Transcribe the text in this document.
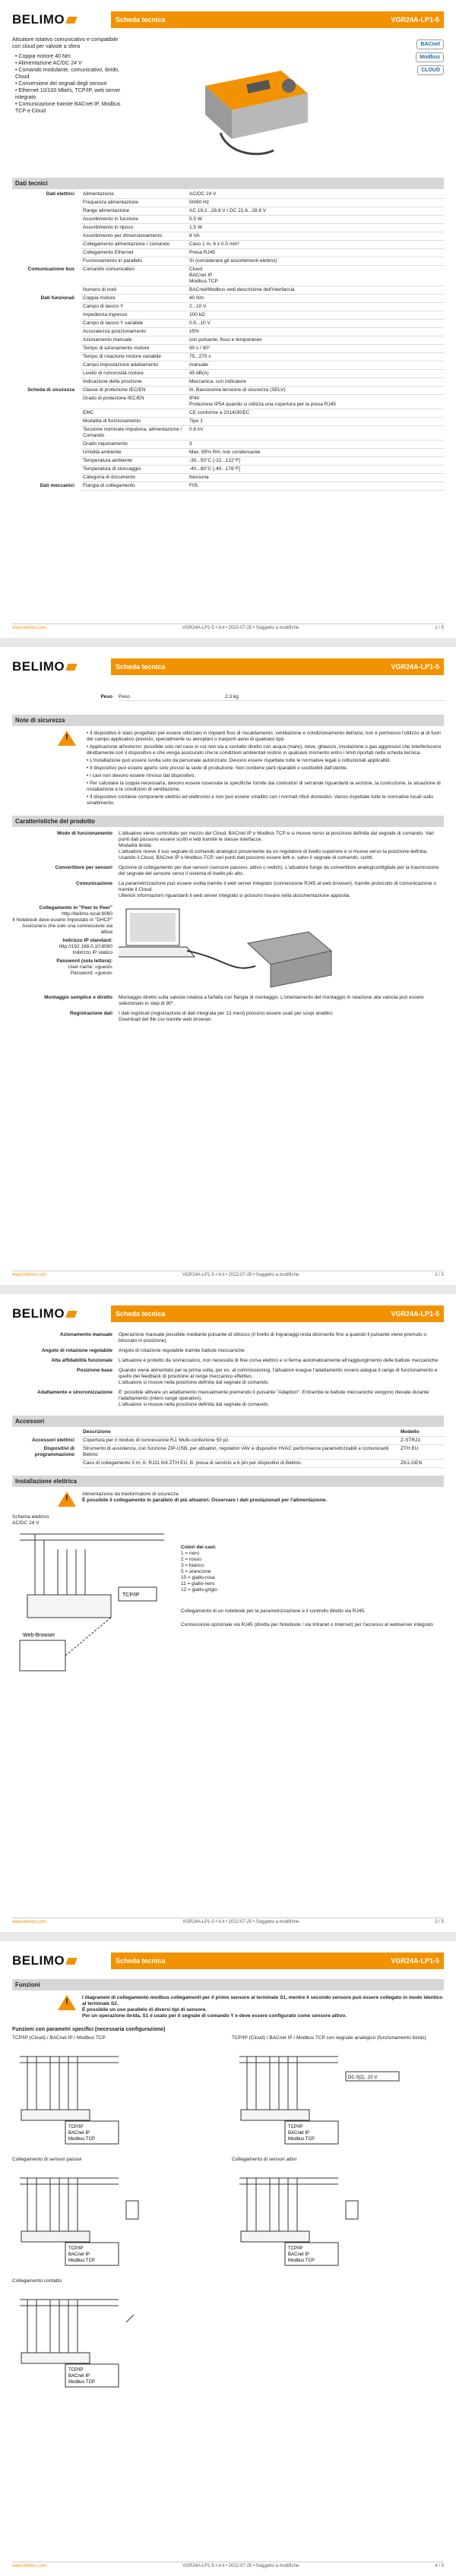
BELIMO	Scheda tecnica	VGR24A-LP1-5

Attuatore rotativo comunicativo e compatibile con cloud per valvole a sfera

• Coppia motore 40 Nm
• Alimentazione AC/DC 24 V
• Comando modulante, comunicativo, ibrido, Cloud
• Conversione dei segnali degli sensori
• Ethernet 10/100 Mbit/s, TCP/IP, web server integrato
• Comunicazione tramite BACnet IP, Modbus TCP e Cloud
BACnet
Modbus
CLOUD
Dati tecnici
Dati elettrici	Alimentazione	AC/DC 24 V
	Frequenza alimentazione	50/60 Hz
	Range alimentazione	AC 19.2...28.8 V / DC 21.6...28.8 V
	Assorbimento in funzione	5.5 W
	Assorbimento in riposo	1.5 W
	Assorbimento per dimensionamento	8 VA
	Collegamento alimentazione / comando	Cavo 1 m, 6 x 0.5 mm²
	Collegamento Ethernet	Presa RJ45
	Funzionamento in parallelo	Sì (considerare gli assorbimenti elettrici)
Comunicazione bus	Comando comunicativo	Cloud
BACnet IP
Modbus TCP
	Numero di nodi	BACnet/Modbus vedi descrizione dell'interfaccia
Dati funzionali	Coppia motore	40 Nm
	Campo di lavoro Y	2...10 V
	Impedenza ingresso	1̇00 kΩ
	Campo di lavoro Y variabile	0.5...10 V
	Accuratezza posizionamento	±5%
	Azionamento manuale	con pulsante, fisso e temporaneo
	Tempo di azionamento motore	90 s / 90°
	Tempo di rotazione motore variabile	75...270 s
	Campo impostazione adattamento	manuale
	Livello di rumorosità motore	45 dB(A)
	Indicazione della posizione	Meccanica, con indicatore
Scheda di sicurezza	Classe di protezione IEC/EN	III, Bassissima tensione di sicurezza (SELV)
	Grado di protezione IEC/EN	IP40
Protezione IP54 quando si utilizza una copertura per la presa RJ45
	EMC	CE conforme a 2014/30/EC
	Modalità di funzionamento	Tipo 1
	Tensione nominale impulsiva, alimentazione / Comando	0.8 kV
	Grado inquinamento	3
	Umidità ambiente	Max. 95% RH, non condensante
	Temperatura ambiente	-30...50°C [-22...122°F]
	Temperatura di stoccaggio	-40...80°C [-40...176°F]
	Categoria di documento	Nessuna
Dati meccanici	Flangia di collegamento	F05
www.belimo.com	VGR24A-LP1-5 • it-it • 2022-07-25 • Soggetto a modifiche	1 / 5
BELIMO	Scheda tecnica	VGR24A-LP1-5
Peso	Peso	2.3 kg
Note di sicurezza
!
• Il dispositivo è stato progettato per essere utilizzato in impianti fissi di riscaldamento, ventilazione e condizionamento dell'aria; non è permesso l'utilizzo al di fuori del campo applicativo previsto, specialmente su aeroplani o trasporti aerei di qualsiasi tipo.
• Applicazione all'esterno: possibile solo nel caso in cui non sia a contatto diretto con acqua (mare), neve, ghiaccio, insolazione o gas aggressivi che interferiscono direttamente con il dispositivo e che venga assicurato che le condizioni ambientali restino in qualsiasi momento entro i limiti riportati nella scheda tecnica.
• L'installazione può essere svolta solo da personale autorizzato. Devono essere rispettate tutte le normative legali o istituzionali applicabili.
• Il dispositivo può essere aperto solo presso la sede di produzione. Non contiene parti riparabili o sostituibili dall'utente.
• I cavi non devono essere rimossi dal dispositivo.
• Per calcolare la coppia necessaria, devono essere osservate le specifiche fornite dai costruttori di serrande riguardanti la sezione, la costruzione, la situazione di installazione e le condizioni di ventilazione.
• Il dispositivo contiene componenti elettrici ed elettronici e non può essere smaltito con i normali rifiuti domestici. Vanno rispettate tutte le normative locali sullo smaltimento.
Caratteristiche del prodotto
Modo di funzionamento	L'attuatore viene controllato per mezzo del Cloud, BACnet IP o Modbus TCP e si muove verso la posizione definita dal segnale di comando. Vari punti dati possono essere scritti e letti tramite le stesse interfacce.
Modalità ibrida:
L'attuatore riceve il suo segnale di comando analogico proveniente da un regolatore di livello superiore e si muove verso la posizione definita. Usando il Cloud, BACnet IP o Modbus TCP, vari punti dati possono essere letti e, salvo il segnale di comando, scritti.
Convertitore per sensori	Opzione di collegamento per due sensori (sensore passivo, attivo o switch). L'attuatore funge da convertitore analogico/digitale per la trasmissione del segnale del sensore verso il sistema di livello più alto.
Comunicazione	La parametrizzazione può essere svolta tramite il web server integrato (connessione RJ45 al web browser), tramite protocollo di comunicazione o tramite il Cloud.
Ulteriori informazioni riguardanti il web server integrato si possono trovare nella documentazione apposita.
Collegamento in "Peer to Peer"
http://belimo.local:8080
Il Notebook deve essere impostato in "DHCP"
Assicurarsi che solo una connessione sia attiva
Indirizzo IP standard:
http://192.168.0.10:8080
Indirizzo IP statico
Password (sola lettura):
User name: «guest»
Password: «guest»
Montaggio semplice e diretto	Montaggio diretto sulla valvola rotativa a farfalla con flangia di montaggio. L'orientamento del montaggio in relazione alla valvola può essere selezionato in step di 90°.
Registrazione dati	I dati registrati (registrazione di dati integrata per 13 mesi) possono essere usati per scopi analitici.
Download del file csv tramite web browser.
www.belimo.com	VGR24A-LP1-5 • it-it • 2022-07-25 • Soggetto a modifiche	2 / 5
BELIMO	Scheda tecnica	VGR24A-LP1-5
Azionamento manuale	Operazione manuale possibile mediante pulsante di sblocco (il livello di ingranaggi resta disinserito fino a quando il pulsante viene premuto o bloccato in posizione).
Angolo di rotazione regolabile	Angolo di rotazione regolabile tramite battute meccaniche.
Alta affidabilità funzionale	L'attuatore è protetto da sovraccarico, non necessita di fine corsa elettrici e si ferma automaticamente all'raggiungimento delle battute meccaniche.
Posizione base	Quando viene alimentato per la prima volta, per es. al commissioning, l'attuatore esegue l'adattamento ovvero adegua il range di funzionamento e quello del feedback di posizione al range meccanico effettivo.
L'attuatore si muove nella posizione definita dal segnale di comando.
Adattamento e sincronizzazione	E' possibile attivare un adattamento manualmente premendo il pulsante "Adaption". Entrambe le battute meccaniche vengono rilevate durante l'adattamento (intero range operativo).
L'attuatore si muove nella posizione definita dal segnale di comando.
Accessori
	Descrizione	Modello
Accessori elettrici	Copertura per il modulo di connessione RJ, Multi-confezione 50 pz.	Z-STRJ1
Dispositivi di programmazione	Strumento di assistenza, con funzione ZIP-USB, per attuatori, regolatori VAV e dispositivi HVAC performance parametrizzabili e comunicanti Belimo	ZTH EU
	Cavo di collegamento 5 m, A: RJ11 6/4 ZTH EU, B: presa di servizio a 6 pin per dispositivi di Belimo	ZK1-GEN
Installazione elettrica
!
Alimentazione da trasformatore di sicurezza.
È possibile il collegamento in parallelo di più attuatori. Osservare i dati prestazionali per l'alimentazione.
Schema elettrico
AC/DC 24 V
TCP/IP
Web-Browser
Colori dei cavi:
1 = nero
2 = rosso
3 = bianco
5 = arancione
10 = giallo-rosa
11 = giallo-nero
12 = giallo-grigio

Collegamento di un notebook per la parametrizzazione e il controllo diretto via RJ45.

Connessione opzionale via RJ45 (diretta per Notebook / via Intranet o Internet) per l'accesso al webserver integrato

www.belimo.com	VGR24A-LP1-5 • it-it • 2022-07-25 • Soggetto a modifiche	3 / 5
BELIMO	Scheda tecnica	VGR24A-LP1-5
Funzioni
!
I diagrammi di collegamento modbus collegamenti per il primo sensore al terminale S1, mentre il secondo sensore può essere collegato in modo identico al terminale S2.
È possibile un uso parallelo di diversi tipi di sensore.
Per un operazione ibrida, S1 è usato per il segnale di comando Y e deve essere configurato come sensore attivo.
Funzioni con parametri specifici (necessaria configurazione)
TCP/IP (Cloud) / BACnet IP / Modbus TCP
TCP/IP
BACnet IP
Modbus TCP
TCP/IP (Cloud) / BACnet IP / Modbus TCP con segnale analogico (funzionamento ibrido)
TCP/IP
BACnet IP
Modbus TCP
DC 0(2)...10 V
Collegamento di sensori passivi
TCP/IP
BACnet IP
Modbus TCP
Collegamento di sensori attivi
TCP/IP
BACnet IP
Modbus TCP
Collegamento contatto
TCP/IP
BACnet IP
Modbus TCP
www.belimo.com	VGR24A-LP1-5 • it-it • 2022-07-25 • Soggetto a modifiche	4 / 5
